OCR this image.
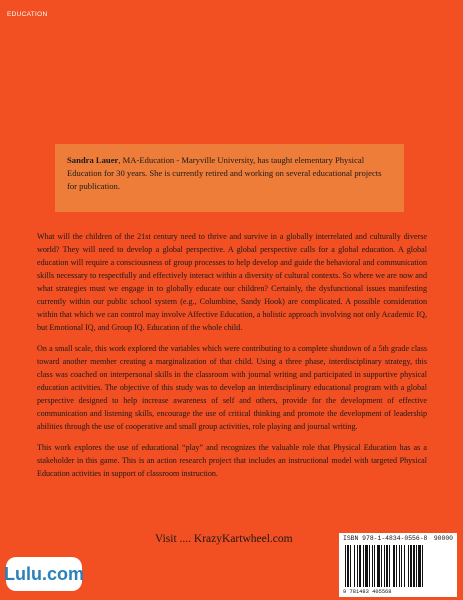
EDUCATION
Sandra Lauer, MA-Education - Maryville University, has taught elementary Physical Education for 30 years. She is currently retired and working on several educational projects for publication.

What will the children of the 21st century need to thrive and survive in a globally interrelated and culturally diverse world? They will need to develop a global perspective. A global perspective calls for a global education. A global education will require a consciousness of group processes to help develop and guide the behavioral and communication skills necessary to respectfully and effectively interact within a diversity of cultural contexts. So where we are now and what strategies must we engage in to globally educate our children? Certainly, the dysfunctional issues manifesting currently within our public school system (e.g., Columbine, Sandy Hook) are complicated. A possible consideration within that which we can control may involve Affective Education, a holistic approach involving not only Academic IQ, but Emotional IQ, and Group IQ. Education of the whole child.

On a small scale, this work explored the variables which were contributing to a complete shutdown of a 5th grade class toward another member creating a marginalization of that child. Using a three phase, interdisciplinary strategy, this class was coached on interpersonal skills in the classroom with journal writing and participated in supportive physical education activities. The objective of this study was to develop an interdisciplinary educational program with a global perspective designed to help increase awareness of self and others, provide for the development of effective communication and listening skills, encourage the use of critical thinking and promote the development of leadership abilities through the use of cooperative and small group activities, role playing and journal writing.

This work explores the use of educational “play” and recognizes the valuable role that Physical Education has as a stakeholder in this game. This is an action research project that includes an instructional model with targeted Physical Education activities in support of classroom instruction.

Visit .... KrazyKartwheel.com
Lulu.com
ISBN 978-1-4834-0556-8 90000
9 781483 405568
